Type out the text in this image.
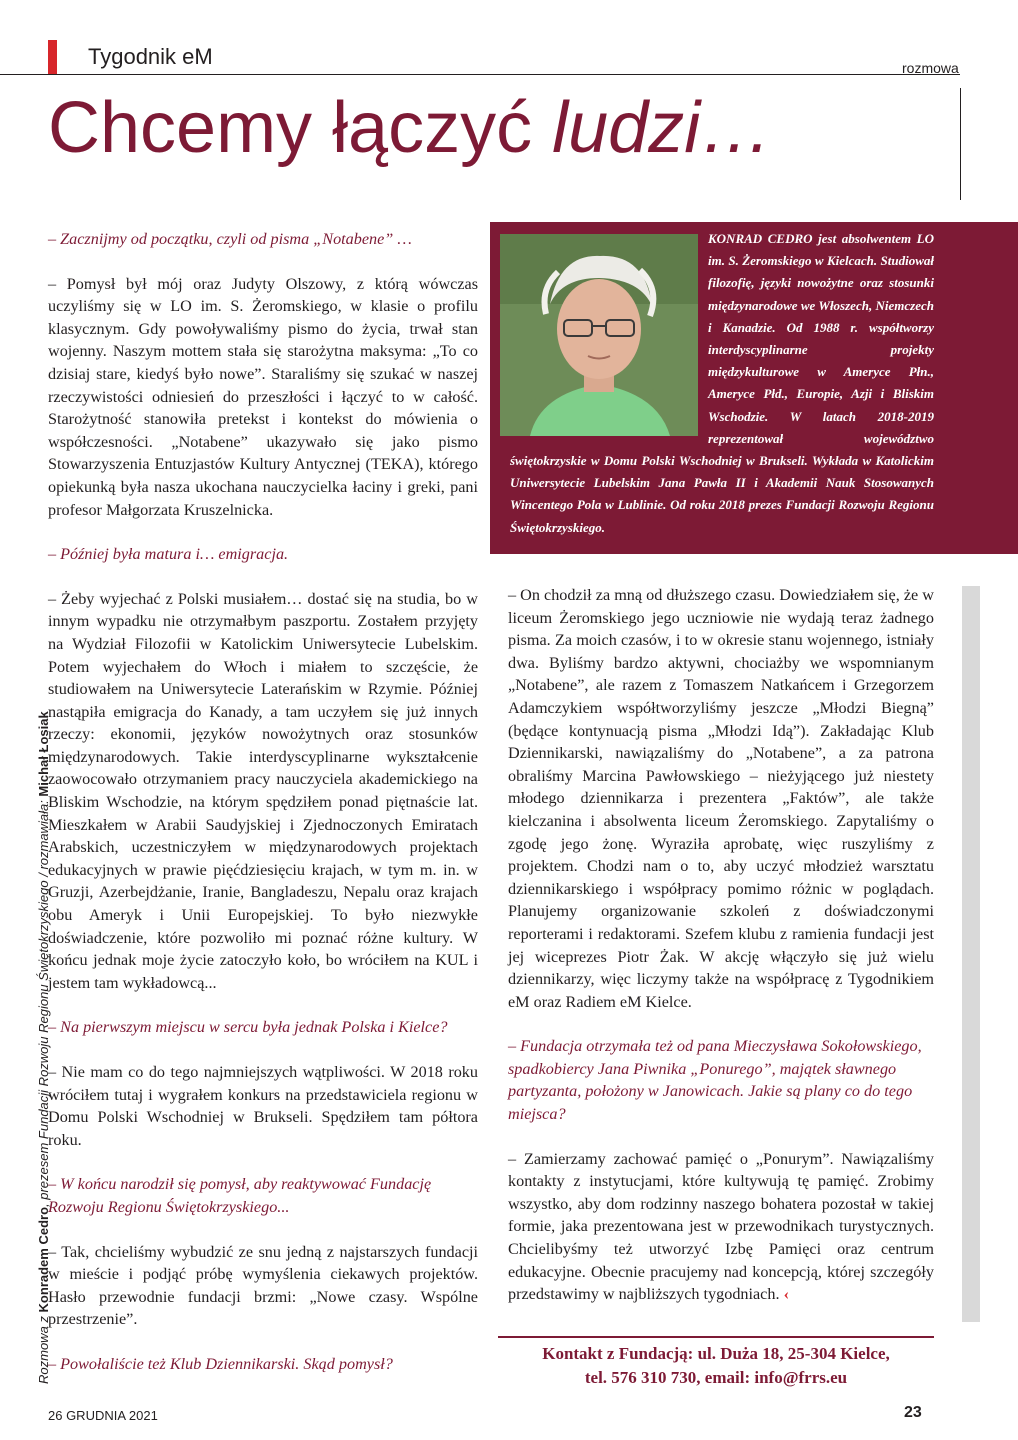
Tygodnik eM	rozmowa
Chcemy łączyć ludzi…
Rozmowa z Konradem Cedro, prezesem Fundacji Rozwoju Regionu Świętokrzyskiego / rozmawiała: Michał Łosiak

KONRAD CEDRO jest absolwentem LO im. S. Żeromskiego w Kielcach. Studiował filozofię, języki nowożytne oraz stosunki międzynarodowe we Włoszech, Niemczech i Kanadzie. Od 1988 r. współtworzy interdyscyplinarne projekty międzykulturowe w Ameryce Płn., Ameryce Płd., Europie, Azji i Bliskim Wschodzie. W latach 2018-2019 reprezentował województwo świętokrzyskie w Domu Polski Wschodniej w Brukseli. Wykłada w Katolickim Uniwersytecie Lubelskim Jana Pawła II i Akademii Nauk Stosowanych Wincentego Pola w Lublinie. Od roku 2018 prezes Fundacji Rozwoju Regionu Świętokrzyskiego.

– Zacznijmy od początku, czyli od pisma „Notabene” …

– Pomysł był mój oraz Judyty Olszowy, z którą wówczas uczyliśmy się w LO im. S. Żeromskiego, w klasie o profilu klasycznym. Gdy powoływaliśmy pismo do życia, trwał stan wojenny. Naszym mottem stała się starożytna maksyma: „To co dzisiaj stare, kiedyś było nowe”. Staraliśmy się szukać w naszej rzeczywistości odniesień do przeszłości i łączyć to w całość. Starożytność stanowiła pretekst i kontekst do mówienia o współczesności. „Notabene” ukazywało się jako pismo Stowarzyszenia Entuzjastów Kultury Antycznej (TEKA), którego opiekunką była nasza ukochana nauczycielka łaciny i greki, pani profesor Małgorzata Kruszelnicka.

– Później była matura i… emigracja.

– Żeby wyjechać z Polski musiałem… dostać się na studia, bo w innym wypadku nie otrzymałbym paszportu. Zostałem przyjęty na Wydział Filozofii w Katolickim Uniwersytecie Lubelskim. Potem wyjechałem do Włoch i miałem to szczęście, że studiowałem na Uniwersytecie Laterańskim w Rzymie. Później nastąpiła emigracja do Kanady, a tam uczyłem się już innych rzeczy: ekonomii, języków nowożytnych oraz stosunków międzynarodowych. Takie interdyscyplinarne wykształcenie zaowocowało otrzymaniem pracy nauczyciela akademickiego na Bliskim Wschodzie, na którym spędziłem ponad piętnaście lat. Mieszkałem w Arabii Saudyjskiej i Zjednoczonych Emiratach Arabskich, uczestniczyłem w międzynarodowych projektach edukacyjnych w prawie pięćdziesięciu krajach, w tym m. in. w Gruzji, Azerbejdżanie, Iranie, Bangladeszu, Nepalu oraz krajach obu Ameryk i Unii Europejskiej. To było niezwykłe doświadczenie, które pozwoliło mi poznać różne kultury. W końcu jednak moje życie zatoczyło koło, bo wróciłem na KUL i jestem tam wykładowcą...

– Na pierwszym miejscu w sercu była jednak Polska i Kielce?

– Nie mam co do tego najmniejszych wątpliwości. W 2018 roku wróciłem tutaj i wygrałem konkurs na przedstawiciela regionu w Domu Polski Wschodniej w Brukseli. Spędziłem tam półtora roku.

– W końcu narodził się pomysł, aby reaktywować Fundację Rozwoju Regionu Świętokrzyskiego...

– Tak, chcieliśmy wybudzić ze snu jedną z najstarszych fundacji w mieście i podjąć próbę wymyślenia ciekawych projektów. Hasło przewodnie fundacji brzmi: „Nowe czasy. Wspólne przestrzenie”.

– Powołaliście też Klub Dziennikarski. Skąd pomysł?

– On chodził za mną od dłuższego czasu. Dowiedziałem się, że w liceum Żeromskiego jego uczniowie nie wydają teraz żadnego pisma. Za moich czasów, i to w okresie stanu wojennego, istniały dwa. Byliśmy bardzo aktywni, chociażby we wspomnianym „Notabene”, ale razem z Tomaszem Natkańcem i Grzegorzem Adamczykiem współtworzyliśmy jeszcze „Młodzi Biegną” (będące kontynuacją pisma „Młodzi Idą”). Zakładając Klub Dziennikarski, nawiązaliśmy do „Notabene”, a za patrona obraliśmy Marcina Pawłowskiego – nieżyjącego już niestety młodego dziennikarza i prezentera „Faktów”, ale także kielczanina i absolwenta liceum Żeromskiego. Zapytaliśmy o zgodę jego żonę. Wyraziła aprobatę, więc ruszyliśmy z projektem. Chodzi nam o to, aby uczyć młodzież warsztatu dziennikarskiego i współpracy pomimo różnic w poglądach. Planujemy organizowanie szkoleń z doświadczonymi reporterami i redaktorami. Szefem klubu z ramienia fundacji jest jej wiceprezes Piotr Żak. W akcję włączyło się już wielu dziennikarzy, więc liczymy także na współpracę z Tygodnikiem eM oraz Radiem eM Kielce.

– Fundacja otrzymała też od pana Mieczysława Sokołowskiego, spadkobiercy Jana Piwnika „Ponurego”, majątek sławnego partyzanta, położony w Janowicach. Jakie są plany co do tego miejsca?

– Zamierzamy zachować pamięć o „Ponurym”. Nawiązaliśmy kontakty z instytucjami, które kultywują tę pamięć. Zrobimy wszystko, aby dom rodzinny naszego bohatera pozostał w takiej formie, jaka prezentowana jest w przewodnikach turystycznych. Chcielibyśmy też utworzyć Izbę Pamięci oraz centrum edukacyjne. Obecnie pracujemy nad koncepcją, której szczegóły przedstawimy w najbliższych tygodniach. ‹

Kontakt z Fundacją: ul. Duża 18, 25-304 Kielce,
tel. 576 310 730, email: info@frrs.eu
26 GRUDNIA 2021	23
